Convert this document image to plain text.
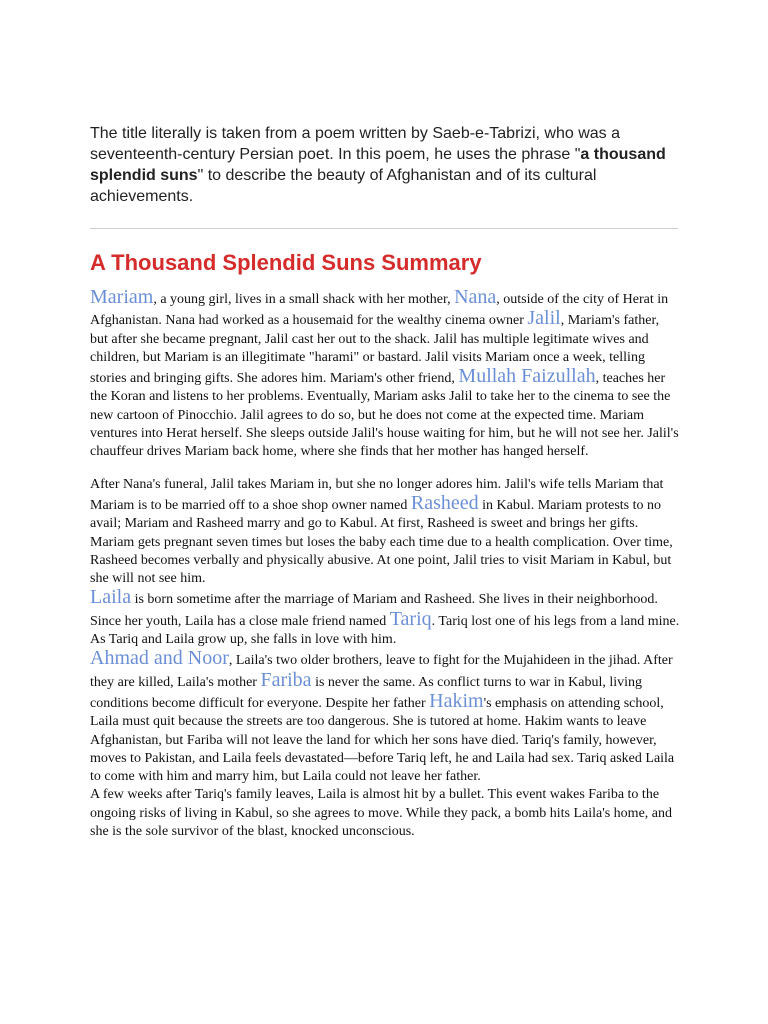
The title literally is taken from a poem written by Saeb-e-Tabrizi, who was a seventeenth-century Persian poet. In this poem, he uses the phrase "a thousand splendid suns" to describe the beauty of Afghanistan and of its cultural achievements.

A Thousand Splendid Suns Summary

Mariam, a young girl, lives in a small shack with her mother, Nana, outside of the city of Herat in Afghanistan. Nana had worked as a housemaid for the wealthy cinema owner Jalil, Mariam's father, but after she became pregnant, Jalil cast her out to the shack. Jalil has multiple legitimate wives and children, but Mariam is an illegitimate "harami" or bastard. Jalil visits Mariam once a week, telling stories and bringing gifts. She adores him. Mariam's other friend, Mullah Faizullah, teaches her the Koran and listens to her problems. Eventually, Mariam asks Jalil to take her to the cinema to see the new cartoon of Pinocchio. Jalil agrees to do so, but he does not come at the expected time. Mariam ventures into Herat herself. She sleeps outside Jalil's house waiting for him, but he will not see her. Jalil's chauffeur drives Mariam back home, where she finds that her mother has hanged herself.

After Nana's funeral, Jalil takes Mariam in, but she no longer adores him. Jalil's wife tells Mariam that Mariam is to be married off to a shoe shop owner named Rasheed in Kabul. Mariam protests to no avail; Mariam and Rasheed marry and go to Kabul. At first, Rasheed is sweet and brings her gifts. Mariam gets pregnant seven times but loses the baby each time due to a health complication. Over time, Rasheed becomes verbally and physically abusive. At one point, Jalil tries to visit Mariam in Kabul, but she will not see him.

Laila is born sometime after the marriage of Mariam and Rasheed. She lives in their neighborhood. Since her youth, Laila has a close male friend named Tariq. Tariq lost one of his legs from a land mine. As Tariq and Laila grow up, she falls in love with him.

Ahmad and Noor, Laila's two older brothers, leave to fight for the Mujahideen in the jihad. After they are killed, Laila's mother Fariba is never the same. As conflict turns to war in Kabul, living conditions become difficult for everyone. Despite her father Hakim's emphasis on attending school, Laila must quit because the streets are too dangerous. She is tutored at home. Hakim wants to leave Afghanistan, but Fariba will not leave the land for which her sons have died. Tariq's family, however, moves to Pakistan, and Laila feels devastated—before Tariq left, he and Laila had sex. Tariq asked Laila to come with him and marry him, but Laila could not leave her father.

A few weeks after Tariq's family leaves, Laila is almost hit by a bullet. This event wakes Fariba to the ongoing risks of living in Kabul, so she agrees to move. While they pack, a bomb hits Laila's home, and she is the sole survivor of the blast, knocked unconscious.
